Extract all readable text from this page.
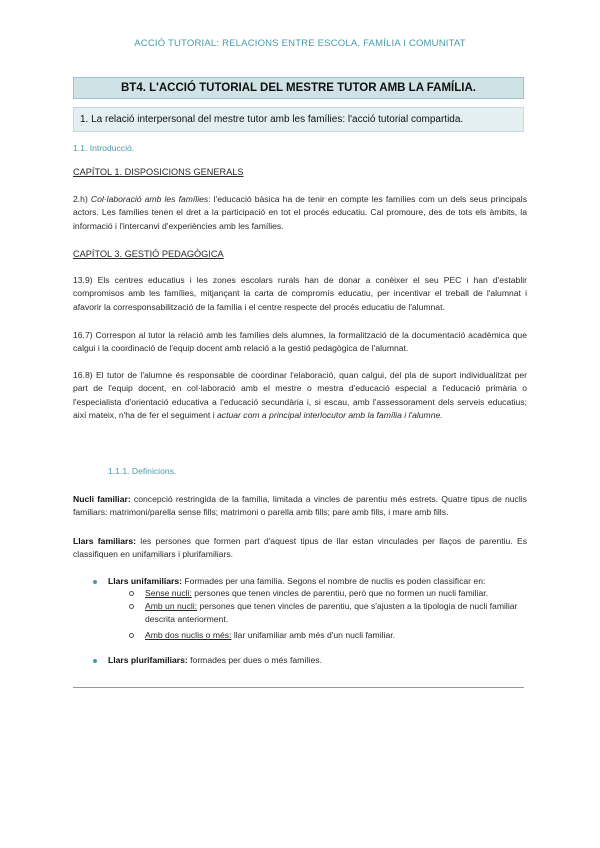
ACCIÓ TUTORIAL: RELACIONS ENTRE ESCOLA, FAMÍLIA I COMUNITAT
BT4. L'ACCIÓ TUTORIAL DEL MESTRE TUTOR AMB LA FAMÍLIA.
1. La relació interpersonal del mestre tutor amb les famílies: l'acció tutorial compartida.
1.1. Introducció.
CAPÍTOL 1. DISPOSICIONS GENERALS
2.h) Col·laboració amb les famílies: l'educació bàsica ha de tenir en compte les famílies com un dels seus principals actors. Les famílies tenen el dret a la participació en tot el procés educatiu. Cal promoure, des de tots els àmbits, la informació i l'intercanvi d'experiències amb les famílies.
CAPÍTOL 3. GESTIÓ PEDAGÒGICA
13.9) Els centres educatius i les zones escolars rurals han de donar a conèixer el seu PEC i han d'establir compromisos amb les famílies, mitjançant la carta de compromís educatiu, per incentivar el treball de l'alumnat i afavorir la corresponsabilització de la família i el centre respecte del procés educatiu de l'alumnat.
16.7) Correspon al tutor la relació amb les famílies dels alumnes, la formalització de la documentació acadèmica que calgui i la coordinació de l'equip docent amb relació a la gestió pedagògica de l'alumnat.
16.8) El tutor de l'alumne és responsable de coordinar l'elaboració, quan calgui, del pla de suport individualitzat per part de l'equip docent, en col·laboració amb el mestre o mestra d'educació especial a l'educació primària o l'especialista d'orientació educativa a l'educació secundària i, si escau, amb l'assessorament dels serveis educatius; així mateix, n'ha de fer el seguiment i actuar com a principal interlocutor amb la família i l'alumne.
1.1.1. Definicions.
Nucli familiar: concepció restringida de la família, limitada a vincles de parentiu més estrets. Quatre tipus de nuclis familiars: matrimoni/parella sense fills; matrimoni o parella amb fills; pare amb fills, i mare amb fills.
Llars familiars: les persones que formen part d'aquest tipus de llar estan vinculades per llaços de parentiu. Es classifiquen en unifamiliars i plurifamiliars.
Llars unifamiliars: Formades per una família. Segons el nombre de nuclis es poden classificar en:
Sense nucli: persones que tenen vincles de parentiu, però que no formen un nucli familiar.
Amb un nucli: persones que tenen vincles de parentiu, que s'ajusten a la tipologia de nucli familiar descrita anteriorment.
Amb dos nuclis o més: llar unifamiliar amb més d'un nucli familiar.
Llars plurifamiliars: formades per dues o més famílies.
